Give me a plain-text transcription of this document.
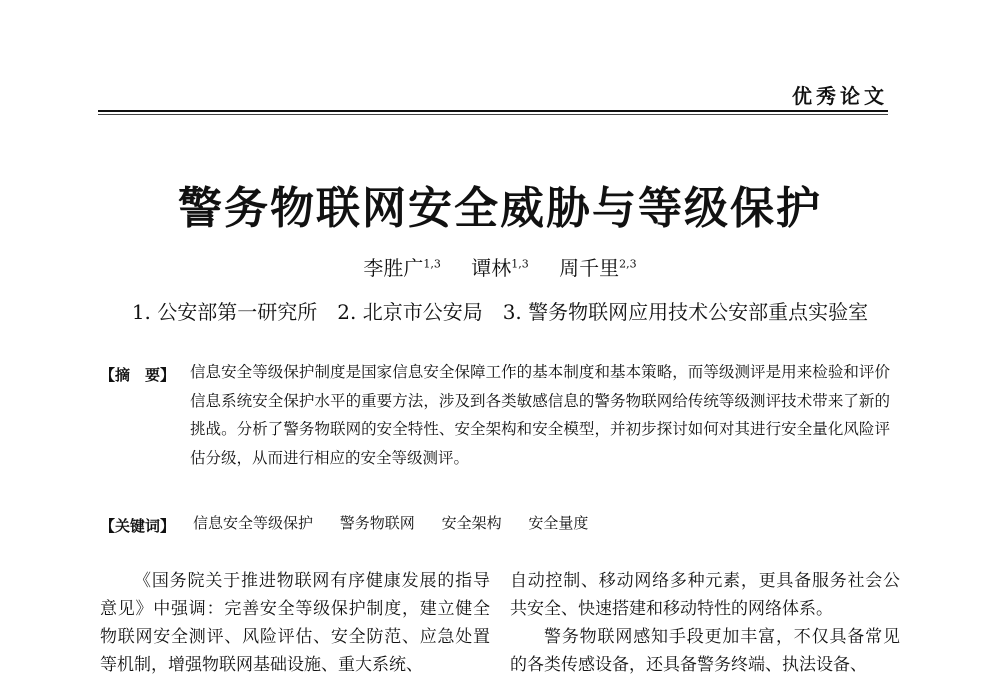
优秀论文
警务物联网安全威胁与等级保护
李胜广$^{1,3}$ 谭林$^{1,3}$ 周千里$^{2,3}$
1. 公安部第一研究所　2. 北京市公安局　3. 警务物联网应用技术公安部重点实验室
【摘　要】 信息安全等级保护制度是国家信息安全保障工作的基本制度和基本策略，而等级测评是用来检验和评价信息系统安全保护水平的重要方法，涉及到各类敏感信息的警务物联网给传统等级测评技术带来了新的挑战。分析了警务物联网的安全特性、安全架构和安全模型，并初步探讨如何对其进行安全量化风险评估分级，从而进行相应的安全等级测评。
【关键词】 信息安全等级保护 警务物联网 安全架构 安全量度

《国务院关于推进物联网有序健康发展的指导意见》中强调：完善安全等级保护制度，建立健全物联网安全测评、风险评估、安全防范、应急处置等机制，增强物联网基础设施、重大系统、

自动控制、移动网络多种元素，更具备服务社会公共安全、快速搭建和移动特性的网络体系。

警务物联网感知手段更加丰富，不仅具备常见的各类传感设备，还具备警务终端、执法设备、
